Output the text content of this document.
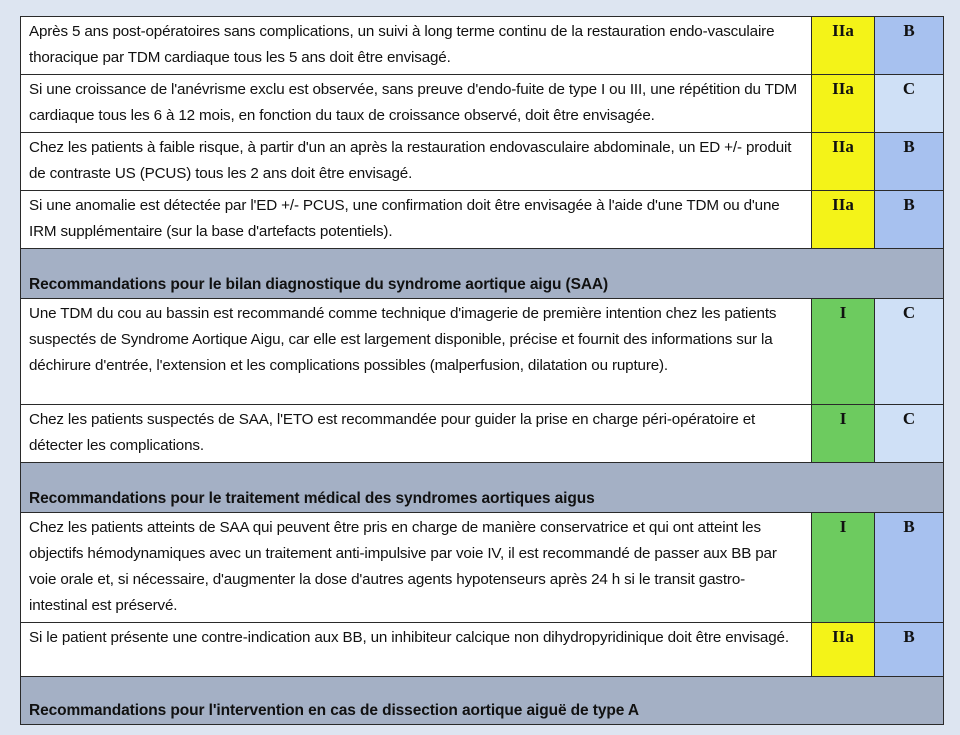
Après 5 ans post-opératoires sans complications, un suivi à long terme continu de la restauration endo-vasculaire thoracique par TDM cardiaque tous les 5 ans doit être envisagé.	IIa	B
Si une croissance de l'anévrisme exclu est observée, sans preuve d'endo-fuite de type I ou III, une répétition du TDM cardiaque tous les 6 à 12 mois, en fonction du taux de croissance observé, doit être envisagée.	IIa	C
Chez les patients à faible risque, à partir d'un an après la restauration endovasculaire abdominale, un ED +/- produit de contraste US (PCUS) tous les 2 ans doit être envisagé.	IIa	B
Si une anomalie est détectée par l'ED +/- PCUS, une confirmation doit être envisagée à l'aide d'une TDM ou d'une IRM supplémentaire (sur la base d'artefacts potentiels).	IIa	B
Recommandations pour le bilan diagnostique du syndrome aortique aigu (SAA)		
Une TDM du cou au bassin est recommandé comme technique d'imagerie de première intention chez les patients suspectés de Syndrome Aortique Aigu, car elle est largement disponible, précise et fournit des informations sur la déchirure d'entrée, l'extension et les complications possibles (malperfusion, dilatation ou rupture).	I	C
Chez les patients suspectés de SAA, l'ETO est recommandée pour guider la prise en charge péri-opératoire et détecter les complications.	I	C
Recommandations pour le traitement médical des syndromes aortiques aigus		
Chez les patients atteints de SAA qui peuvent être pris en charge de manière conservatrice et qui ont atteint les objectifs hémodynamiques avec un traitement anti-impulsive par voie IV, il est recommandé de passer aux BB par voie orale et, si nécessaire, d'augmenter la dose d'autres agents hypotenseurs après 24 h si le transit gastro-intestinal est préservé.	I	B
Si le patient présente une contre-indication aux BB, un inhibiteur calcique non dihydropyridinique doit être envisagé.	IIa	B
Recommandations pour l'intervention en cas de dissection aortique aiguë de type A		
